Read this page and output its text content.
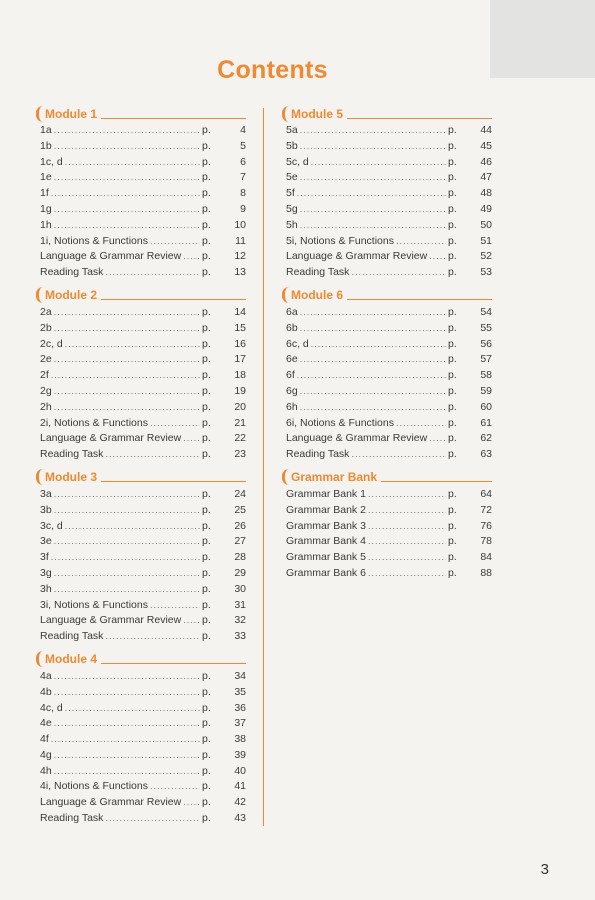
Contents
Module 1
1a .....	p.	4
1b .....	p.	5
1c, d .....	p.	6
1e .....	p.	7
1f .....	p.	8
1g .....	p.	9
1h .....	p.	10
1i, Notions & Functions .....	p.	11
Language & Grammar Review ..... p.	12
Reading Task .....	p.	13
Module 2
2a .....	p.	14
2b .....	p.	15
2c, d .....	p.	16
2e .....	p.	17
2f .....	p.	18
2g .....	p.	19
2h .....	p.	20
2i, Notions & Functions .....	p.	21
Language & Grammar Review ..... p.	22
Reading Task .....	p.	23
Module 3
3a .....	p.	24
3b .....	p.	25
3c, d .....	p.	26
3e .....	p.	27
3f .....	p.	28
3g .....	p.	29
3h .....	p.	30
3i, Notions & Functions .....	p.	31
Language & Grammar Review ..... p.	32
Reading Task .....	p.	33
Module 4
4a .....	p.	34
4b .....	p.	35
4c, d .....	p.	36
4e .....	p.	37
4f .....	p.	38
4g .....	p.	39
4h .....	p.	40
4i, Notions & Functions .....	p.	41
Language & Grammar Review ..... p.	42
Reading Task .....	p.	43
Module 5
5a .....	p.	44
5b .....	p.	45
5c, d .....	p.	46
5e .....	p.	47
5f .....	p.	48
5g .....	p.	49
5h .....	p.	50
5i, Notions & Functions .....	p.	51
Language & Grammar Review ..... p.	52
Reading Task .....	p.	53
Module 6
6a .....	p.	54
6b .....	p.	55
6c, d .....	p.	56
6e .....	p.	57
6f .....	p.	58
6g .....	p.	59
6h .....	p.	60
6i, Notions & Functions .....	p.	61
Language & Grammar Review ..... p.	62
Reading Task .....	p.	63
Grammar Bank
Grammar Bank 1 .....	p.	64
Grammar Bank 2 .....	p.	72
Grammar Bank 3 .....	p.	76
Grammar Bank 4 .....	p.	78
Grammar Bank 5 .....	p.	84
Grammar Bank 6 .....	p.	88
3
